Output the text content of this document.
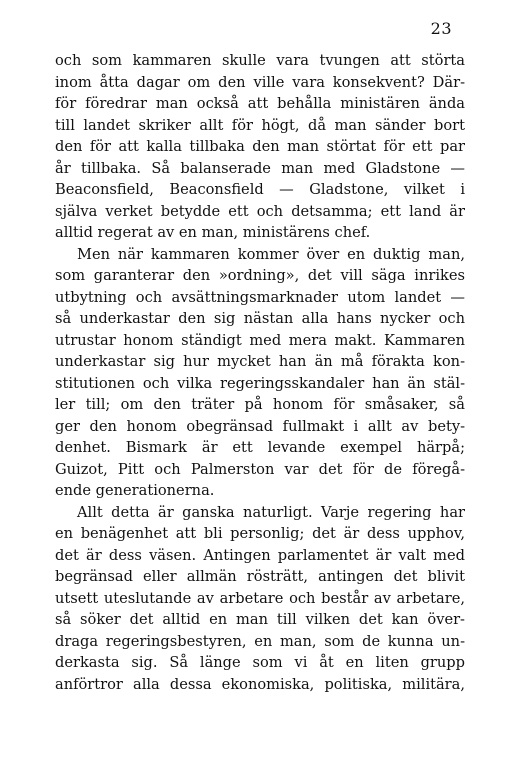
23
och som kammaren skulle vara tvungen att störta
inom åtta dagar om den ville vara konsekvent? Där-
för föredrar man också att behålla ministären ända
till landet skriker allt för högt, då man sänder bort
den för att kalla tillbaka den man störtat för ett par
år tillbaka. Så balanserade man med Gladstone —
Beaconsfield, Beaconsfield — Gladstone, vilket i
själva verket betydde ett och detsamma; ett land är
alltid regerat av en man, ministärens chef.
Men när kammaren kommer över en duktig man,
som garanterar den »ordning», det vill säga inrikes
utbytning och avsättningsmarknader utom landet —
så underkastar den sig nästan alla hans nycker och
utrustar honom ständigt med mera makt. Kammaren
underkastar sig hur mycket han än må förakta kon-
stitutionen och vilka regeringsskandaler han än stäl-
ler till; om den träter på honom för småsaker, så
ger den honom obegränsad fullmakt i allt av bety-
denhet. Bismark är ett levande exempel härpå;
Guizot, Pitt och Palmerston var det för de föregå-
ende generationerna.
Allt detta är ganska naturligt. Varje regering har
en benägenhet att bli personlig; det är dess upphov,
det är dess väsen. Antingen parlamentet är valt med
begränsad eller allmän rösträtt, antingen det blivit
utsett uteslutande av arbetare och består av arbetare,
så söker det alltid en man till vilken det kan över-
draga regeringsbestyren, en man, som de kunna un-
derkasta sig. Så länge som vi åt en liten grupp
anförtror alla dessa ekonomiska, politiska, militära,
